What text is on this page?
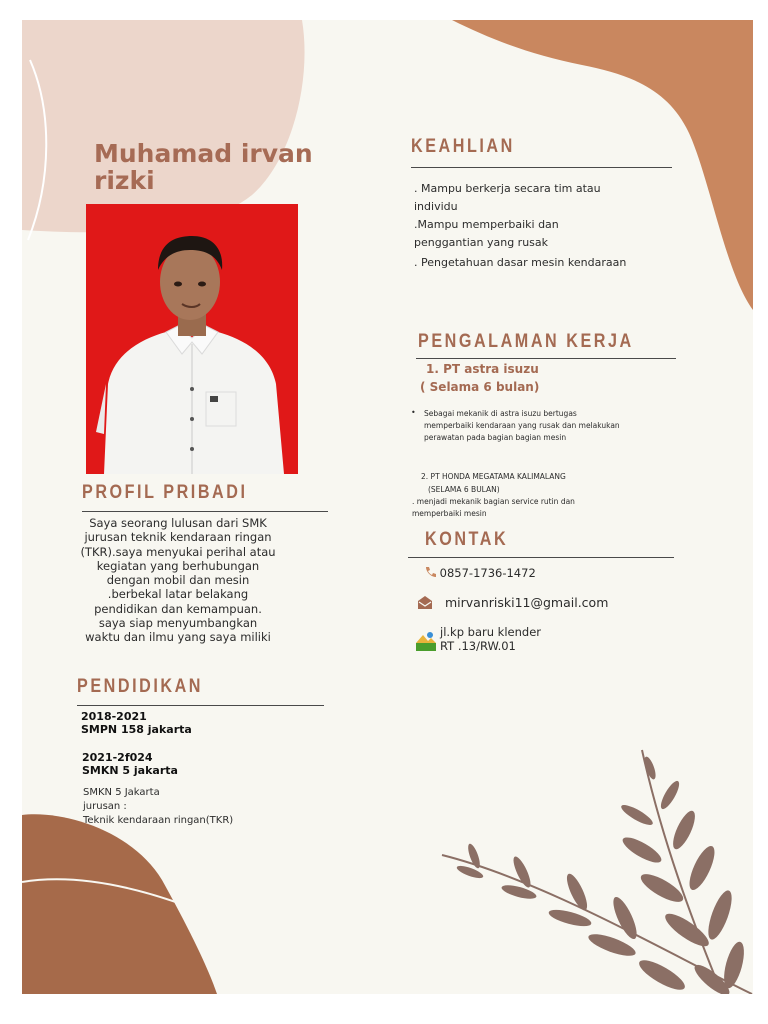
Muhamad irvan rizki
PROFIL PRIBADI
Saya seorang lulusan dari SMK jurusan teknik kendaraan ringan (TKR).saya menyukai perihal atau kegiatan yang berhubungan dengan mobil dan mesin .berbekal latar belakang pendidikan dan kemampuan. saya siap menyumbangkan waktu dan ilmu yang saya miliki
PENDIDIKAN
2018-2021
SMPN 158 jakarta
2021-2f024
SMKN 5 jakarta
SMKN 5 Jakarta
jurusan :
Teknik kendaraan ringan(TKR)
KEAHLIAN
. Mampu berkerja secara tim atau individu
.Mampu memperbaiki dan penggantian yang rusak
. Pengetahuan dasar mesin kendaraan
PENGALAMAN KERJA
1. PT astra isuzu
( Selama 6 bulan)
• Sebagai mekanik di astra isuzu bertugas memperbaiki kendaraan yang rusak dan melakukan perawatan pada bagian bagian mesin
2. PT HONDA MEGATAMA KALIMALANG
(SELAMA 6 BULAN)
. menjadi mekanik bagian service rutin dan memperbaiki mesin
KONTAK
0857-1736-1472
mirvanriski11@gmail.com
jl.kp baru klender
RT .13/RW.01
